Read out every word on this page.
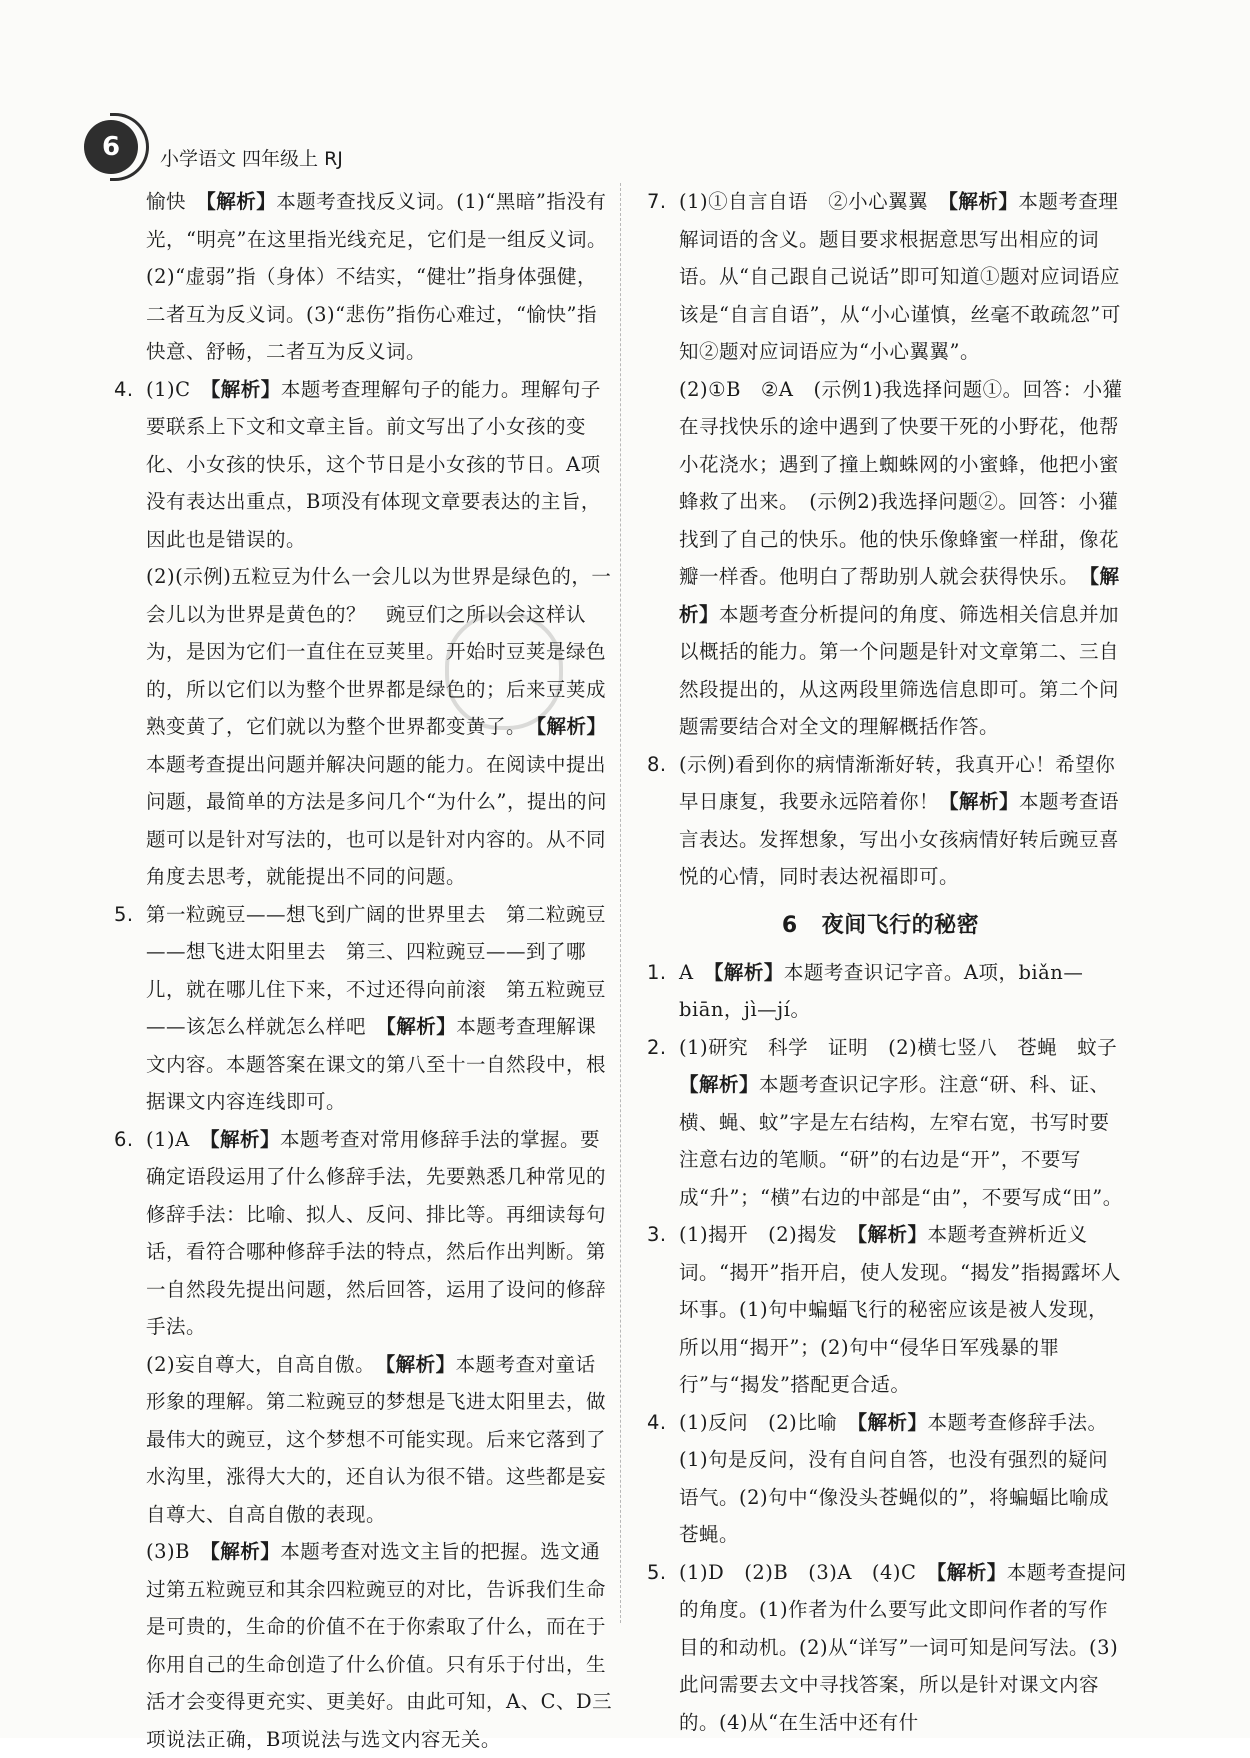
6	小学语文 四年级上 RJ
愉快　【解析】本题考查找反义词。(1)“黑暗”指没有光，“明亮”在这里指光线充足，它们是一组反义词。(2)“虚弱”指（身体）不结实，“健壮”指身体强健，二者互为反义词。(3)“悲伤”指伤心难过，“愉快”指快意、舒畅，二者互为反义词。
4. (1)C　【解析】本题考查理解句子的能力。理解句子要联系上下文和文章主旨。前文写出了小女孩的变化、小女孩的快乐，这个节日是小女孩的节日。A项没有表达出重点，B项没有体现文章要表达的主旨，因此也是错误的。
(2)(示例)五粒豆为什么一会儿以为世界是绿色的，一会儿以为世界是黄色的？　豌豆们之所以会这样认为，是因为它们一直住在豆荚里。开始时豆荚是绿色的，所以它们以为整个世界都是绿色的；后来豆荚成熟变黄了，它们就以为整个世界都变黄了。　【解析】本题考查提出问题并解决问题的能力。在阅读中提出问题，最简单的方法是多问几个“为什么”，提出的问题可以是针对写法的，也可以是针对内容的。从不同角度去思考，就能提出不同的问题。
5. 第一粒豌豆——想飞到广阔的世界里去　第二粒豌豆——想飞进太阳里去　第三、四粒豌豆——到了哪儿，就在哪儿住下来，不过还得向前滚　第五粒豌豆——该怎么样就怎么样吧　【解析】本题考查理解课文内容。本题答案在课文的第八至十一自然段中，根据课文内容连线即可。
6. (1)A　【解析】本题考查对常用修辞手法的掌握。要确定语段运用了什么修辞手法，先要熟悉几种常见的修辞手法：比喻、拟人、反问、排比等。再细读每句话，看符合哪种修辞手法的特点，然后作出判断。第一自然段先提出问题，然后回答，运用了设问的修辞手法。
(2)妄自尊大，自高自傲。　【解析】本题考查对童话形象的理解。第二粒豌豆的梦想是飞进太阳里去，做最伟大的豌豆，这个梦想不可能实现。后来它落到了水沟里，涨得大大的，还自认为很不错。这些都是妄自尊大、自高自傲的表现。
(3)B　【解析】本题考查对选文主旨的把握。选文通过第五粒豌豆和其余四粒豌豆的对比，告诉我们生命是可贵的，生命的价值不在于你索取了什么，而在于你用自己的生命创造了什么价值。只有乐于付出，生活才会变得更充实、更美好。由此可知，A、C、D三项说法正确，B项说法与选文内容无关。
7. (1)①自言自语　②小心翼翼　【解析】本题考查理解词语的含义。题目要求根据意思写出相应的词语。从“自己跟自己说话”即可知道①题对应词语应该是“自言自语”，从“小心谨慎，丝毫不敢疏忽”可知②题对应词语应为“小心翼翼”。
(2)①B　②A　(示例1)我选择问题①。回答：小獾在寻找快乐的途中遇到了快要干死的小野花，他帮小花浇水；遇到了撞上蜘蛛网的小蜜蜂，他把小蜜蜂救了出来。　(示例2)我选择问题②。回答：小獾找到了自己的快乐。他的快乐像蜂蜜一样甜，像花瓣一样香。他明白了帮助别人就会获得快乐。　【解析】本题考查分析提问的角度、筛选相关信息并加以概括的能力。第一个问题是针对文章第二、三自然段提出的，从这两段里筛选信息即可。第二个问题需要结合对全文的理解概括作答。
8. (示例)看到你的病情渐渐好转，我真开心！希望你早日康复，我要永远陪着你！【解析】本题考查语言表达。发挥想象，写出小女孩病情好转后豌豆喜悦的心情，同时表达祝福即可。
6 夜间飞行的秘密
1. A　【解析】本题考查识记字音。A项，biǎn—biān，jì—jí。
2. (1)研究　科学　证明　(2)横七竖八　苍蝇　蚊子　【解析】本题考查识记字形。注意“研、科、证、横、蝇、蚊”字是左右结构，左窄右宽，书写时要注意右边的笔顺。“研”的右边是“开”，不要写成“升”；“横”右边的中部是“由”，不要写成“田”。
3. (1)揭开　(2)揭发　【解析】本题考查辨析近义词。“揭开”指开启，使人发现。“揭发”指揭露坏人坏事。(1)句中蝙蝠飞行的秘密应该是被人发现，所以用“揭开”；(2)句中“侵华日军残暴的罪行”与“揭发”搭配更合适。
4. (1)反问　(2)比喻　【解析】本题考查修辞手法。(1)句是反问，没有自问自答，也没有强烈的疑问语气。(2)句中“像没头苍蝇似的”，将蝙蝠比喻成苍蝇。
5. (1)D　(2)B　(3)A　(4)C　【解析】本题考查提问的角度。(1)作者为什么要写此文即问作者的写作目的和动机。(2)从“详写”一词可知是问写法。(3)此问需要去文中寻找答案，所以是针对课文内容的。(4)从“在生活中还有什
